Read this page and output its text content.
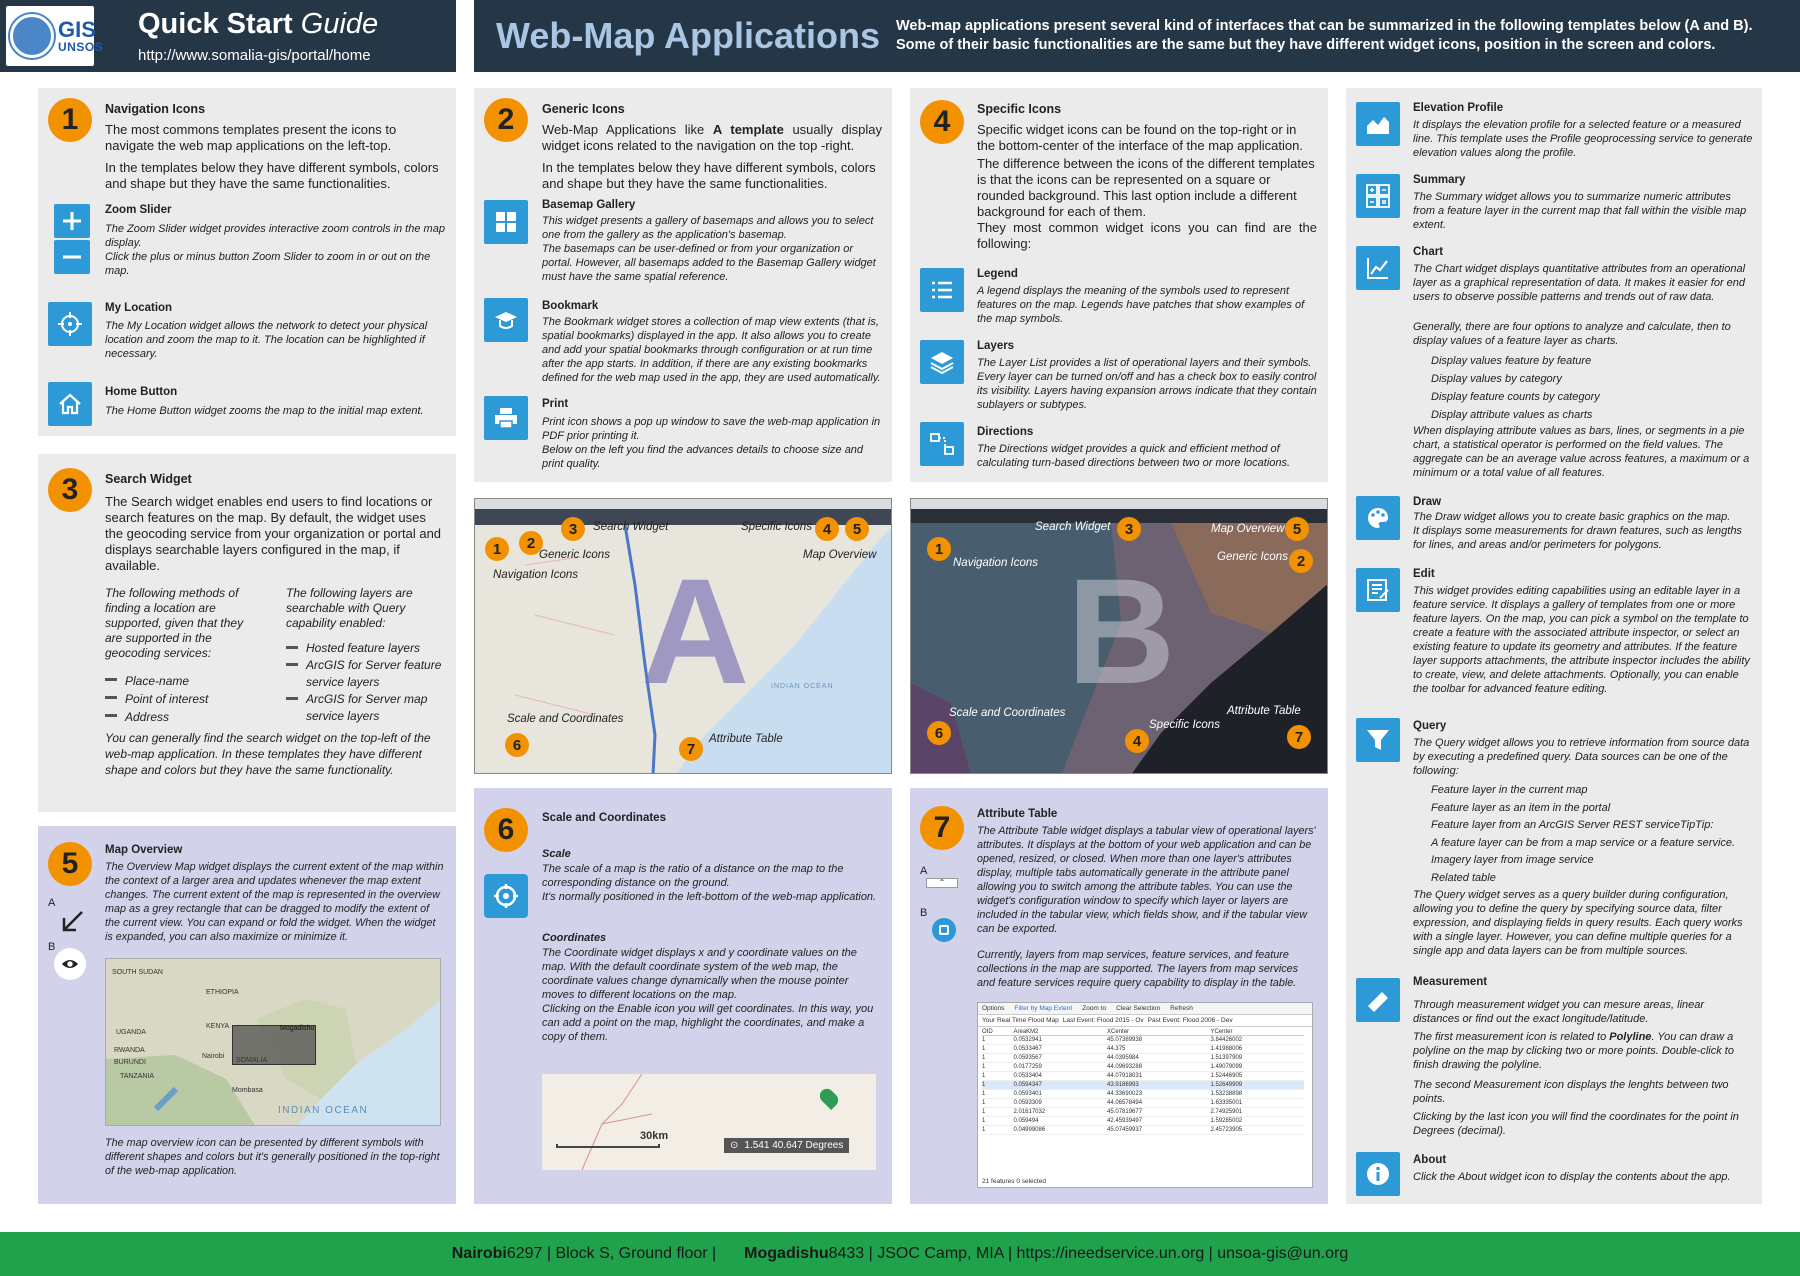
GIS
UNSOS
Quick Start Guide
http://www.somalia-gis/portal/home	Web-Map Applications	Web-map applications present several kind of interfaces that can be summarized in the following templates below (A and B). Some of their basic functionalities are the same but they have different widget icons, position in the screen and colors.
1	Navigation Icons
The most commons templates present the icons to navigate the web map applications on the left-top.
In the templates below they have different symbols, colors and shape but they have the same functionalities.
Zoom Slider
The Zoom Slider widget provides interactive zoom controls in the map display.
Click the plus or minus button Zoom Slider to zoom in or out on the map.
My Location
The My Location widget allows the network to detect your physical location and zoom the map to it. The location can be highlighted if necessary.
Home Button
The Home Button widget zooms the map to the initial map extent.
3	Search Widget
The Search widget enables end users to find locations or search features on the map. By default, the widget uses the geocoding service from your organization or portal and displays searchable layers configured in the map, if available.
The following methods of finding a location are supported, given that they are supported in the geocoding services:
Place-name
Point of interest
Address
The following layers are searchable with Query capability enabled:
Hosted feature layers
ArcGIS for Server feature service layers
ArcGIS for Server map service layers
You can generally find the search widget on the top-left of the web-map application. In these templates they have different shape and colors but they have the same functionality.
5	Map Overview
The Overview Map widget displays the current extent of the map within the context of a larger area and updates whenever the map extent changes. The current extent of the map is represented in the overview map as a grey rectangle that can be dragged to modify the extent of the current view. You can expand or fold the widget. When the widget is expanded, you can also maximize or minimize it.
A
B
SOUTH SUDAN
ETHIOPIA
Mogadishu
UGANDA
KENYA
Nairobi
RWANDA
BURUNDI
TANZANIA
Mombasa
SOMALIA
INDIAN OCEAN
The map overview icon can be presented by different symbols with different shapes and colors but it's generally positioned in the top-right of the web-map application.
2	Generic Icons
Web-Map Applications like A template usually display widget icons related to the navigation on the top -right.
In the templates below they have different symbols, colors and shape but they have the same functionalities.
Basemap Gallery
This widget presents a gallery of basemaps and allows you to select one from the gallery as the application's basemap.
The basemaps can be user-defined or from your organization or portal. However, all basemaps added to the Basemap Gallery widget must have the same spatial reference.
Bookmark
The Bookmark widget stores a collection of map view extents (that is, spatial bookmarks) displayed in the app. It also allows you to create and add your spatial bookmarks through configuration or at run time after the app starts. In addition, if there are any existing bookmarks defined for the web map used in the app, they are used automatically.
Print
Print icon shows a pop up window to save the web-map application in PDF prior printing it.
Below on the left you find the advances details to choose size and print quality.
A
3	Search Widget	Specific Icons 4	5
2
Generic Icons	Map Overview
1
Navigation Icons
Scale and Coordinates
6	7
Attribute Table
INDIAN OCEAN
6	Scale and Coordinates
Scale
The scale of a map is the ratio of a distance on the map to the corresponding distance on the ground.
It's normally positioned in the left-bottom of the web-map application.
Coordinates
The Coordinate widget displays x and y coordinate values on the map. With the default coordinate system of the web map, the coordinate values change dynamically when the mouse pointer moves to different locations on the map.
Clicking on the Enable icon you will get coordinates. In this way, you can add a point on the map, highlight the coordinates, and make a copy of them.
30km
⊙ 1.541 40.647 Degrees
4	Specific Icons
Specific widget icons can be found on the top-right or in the bottom-center of the interface of the map application.
The difference between the icons of the different templates is that the icons can be represented on a square or rounded background. This last option include a different background for each of them.
They most common widget icons you can find are the following:
Legend
A legend displays the meaning of the symbols used to represent features on the map. Legends have patches that show examples of the map symbols.
Layers
The Layer List provides a list of operational layers and their symbols. Every layer can be turned on/off and has a check box to easily control its visibility. Layers having expansion arrows indicate that they contain sublayers or subtypes.
Directions
The Directions widget provides a quick and efficient method of calculating turn-based directions between two or more locations.
B
Search Widget 3	Map Overview 5
1	Generic Icons 2
Navigation Icons
Scale and Coordinates	Attribute Table
Specific Icons
6	4	7
7	Attribute Table
The Attribute Table widget displays a tabular view of operational layers' attributes. It displays at the bottom of your web application and can be opened, resized, or closed. When more than one layer's attributes display, multiple tabs automatically generate in the attribute panel allowing you to switch among the attribute tables. You can use the widget's configuration window to specify which layer or layers are included in the tabular view, which fields show, and if the tabular view can be exported.
A
⌃
B
Currently, layers from map services, feature services, and feature collections in the map are supported. The layers from map services and feature services require query capability to display in the table.
Options Filter by Map Extent Zoom to Clear Selection Refresh
Your Real Time Flood Map Last Event: Flood 2015 - Ov Past Event: Flood 2006 - Dev
OID	AreaKM2	XCenter	YCenter
1	0.0532941	45.07389938	3.84426002
1	0.0533467	44.375	1.41988006
1	0.0593567	44.0395984	1.51397909
1	0.0177259	44.09693288	1.49079099
1	0.0533404	44.07918031	1.52446905
1	0.0594347	43.9186993	1.52649909
1	0.0593401	44.33690023	1.53238898
1	0.0593309	44.06578494	1.63335001
1	2.01617032	45.07819677	2.74925901
1	0.059494	42.45939497	1.59285002
1	0.04999086	45.07459937	2.45723905
21 features 0 selected
Elevation Profile
It displays the elevation profile for a selected feature or a measured line. This template uses the Profile geoprocessing service to generate elevation values along the profile.
Summary
The Summary widget allows you to summarize numeric attributes from a feature layer in the current map that fall within the visible map extent.
Chart
The Chart widget displays quantitative attributes from an operational layer as a graphical representation of data. It makes it easier for end users to observe possible patterns and trends out of raw data.
Generally, there are four options to analyze and calculate, then to display values of a feature layer as charts.
Display values feature by feature
Display values by category
Display feature counts by category
Display attribute values as charts
When displaying attribute values as bars, lines, or segments in a pie chart, a statistical operator is performed on the field values. The aggregate can be an average value across features, a maximum or a minimum or a total value of all features.
Draw
The Draw widget allows you to create basic graphics on the map.
It displays some measurements for drawn features, such as lengths for lines, and areas and/or perimeters for polygons.
Edit
This widget provides editing capabilities using an editable layer in a feature service. It displays a gallery of templates from one or more feature layers. On the map, you can pick a symbol on the template to create a feature with the associated attribute inspector, or select an existing feature to update its geometry and attributes. If the feature layer supports attachments, the attribute inspector includes the ability to create, view, and delete attachments. Optionally, you can enable the toolbar for advanced feature editing.
Query
The Query widget allows you to retrieve information from source data by executing a predefined query. Data sources can be one of the following:
Feature layer in the current map
Feature layer as an item in the portal
Feature layer from an ArcGIS Server REST serviceTipTip:
A feature layer can be from a map service or a feature service.
Imagery layer from image service
Related table
The Query widget serves as a query builder during configuration, allowing you to define the query by specifying source data, filter expression, and displaying fields in query results. Each query works with a single layer. However, you can define multiple queries for a single app and data layers can be from multiple sources.
Measurement
Through measurement widget you can mesure areas, linear distances or find out the exact longitude/latitude.
The first measurement icon is related to Polyline. You can draw a polyline on the map by clicking two or more points. Double-click to finish drawing the polyline.
The second Measurement icon displays the lenghts between two points.
Clicking by the last icon you will find the coordinates for the point in Degrees (decimal).
About
Click the About widget icon to display the contents about the app.
Nairobi 6297 | Block S, Ground floor | Mogadishu 8433 | JSOC Camp, MIA | https://ineedservice.un.org | unsoa-gis@un.org
